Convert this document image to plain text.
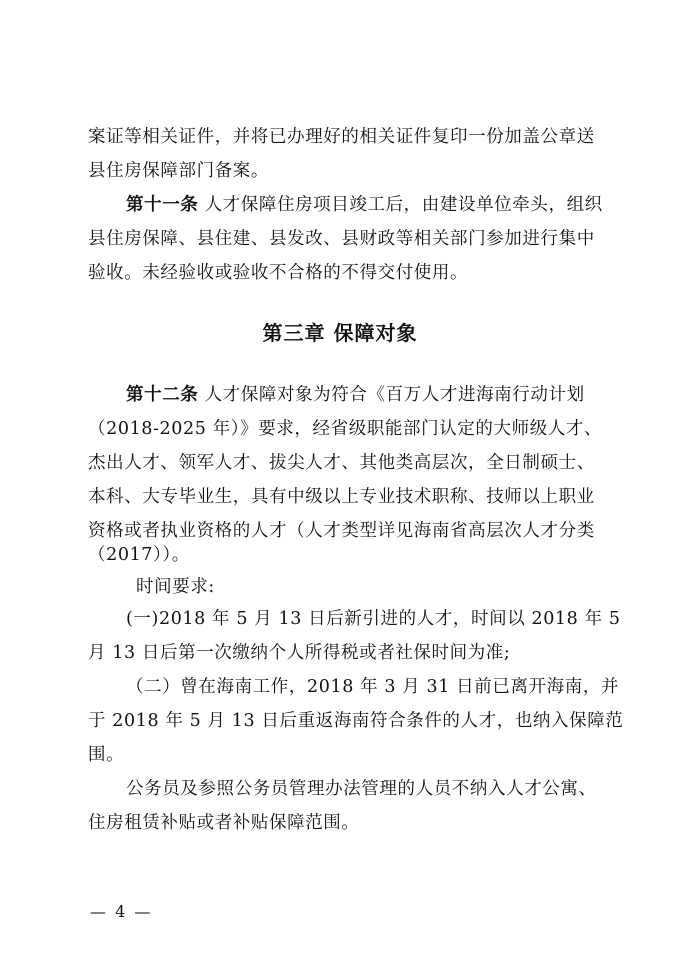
案证等相关证件，并将已办理好的相关证件复印一份加盖公章送
县住房保障部门备案。
第十一条 人才保障住房项目竣工后，由建设单位牵头，组织
县住房保障、县住建、县发改、县财政等相关部门参加进行集中
验收。未经验收或验收不合格的不得交付使用。
第三章 保障对象
第十二条 人才保障对象为符合《百万人才进海南行动计划
（2018-2025 年）》要求，经省级职能部门认定的大师级人才、
杰出人才、领军人才、拔尖人才、其他类高层次，全日制硕士、
本科、大专毕业生，具有中级以上专业技术职称、技师以上职业
资格或者执业资格的人才（人才类型详见海南省高层次人才分类
（2017））。
时间要求:
(一)2018 年 5 月 13 日后新引进的人才，时间以 2018 年 5
月 13 日后第一次缴纳个人所得税或者社保时间为准;
（二）曾在海南工作，2018 年 3 月 31 日前已离开海南，并
于 2018 年 5 月 13 日后重返海南符合条件的人才，也纳入保障范
围。
公务员及参照公务员管理办法管理的人员不纳入人才公寓、
住房租赁补贴或者补贴保障范围。
— 4 —
